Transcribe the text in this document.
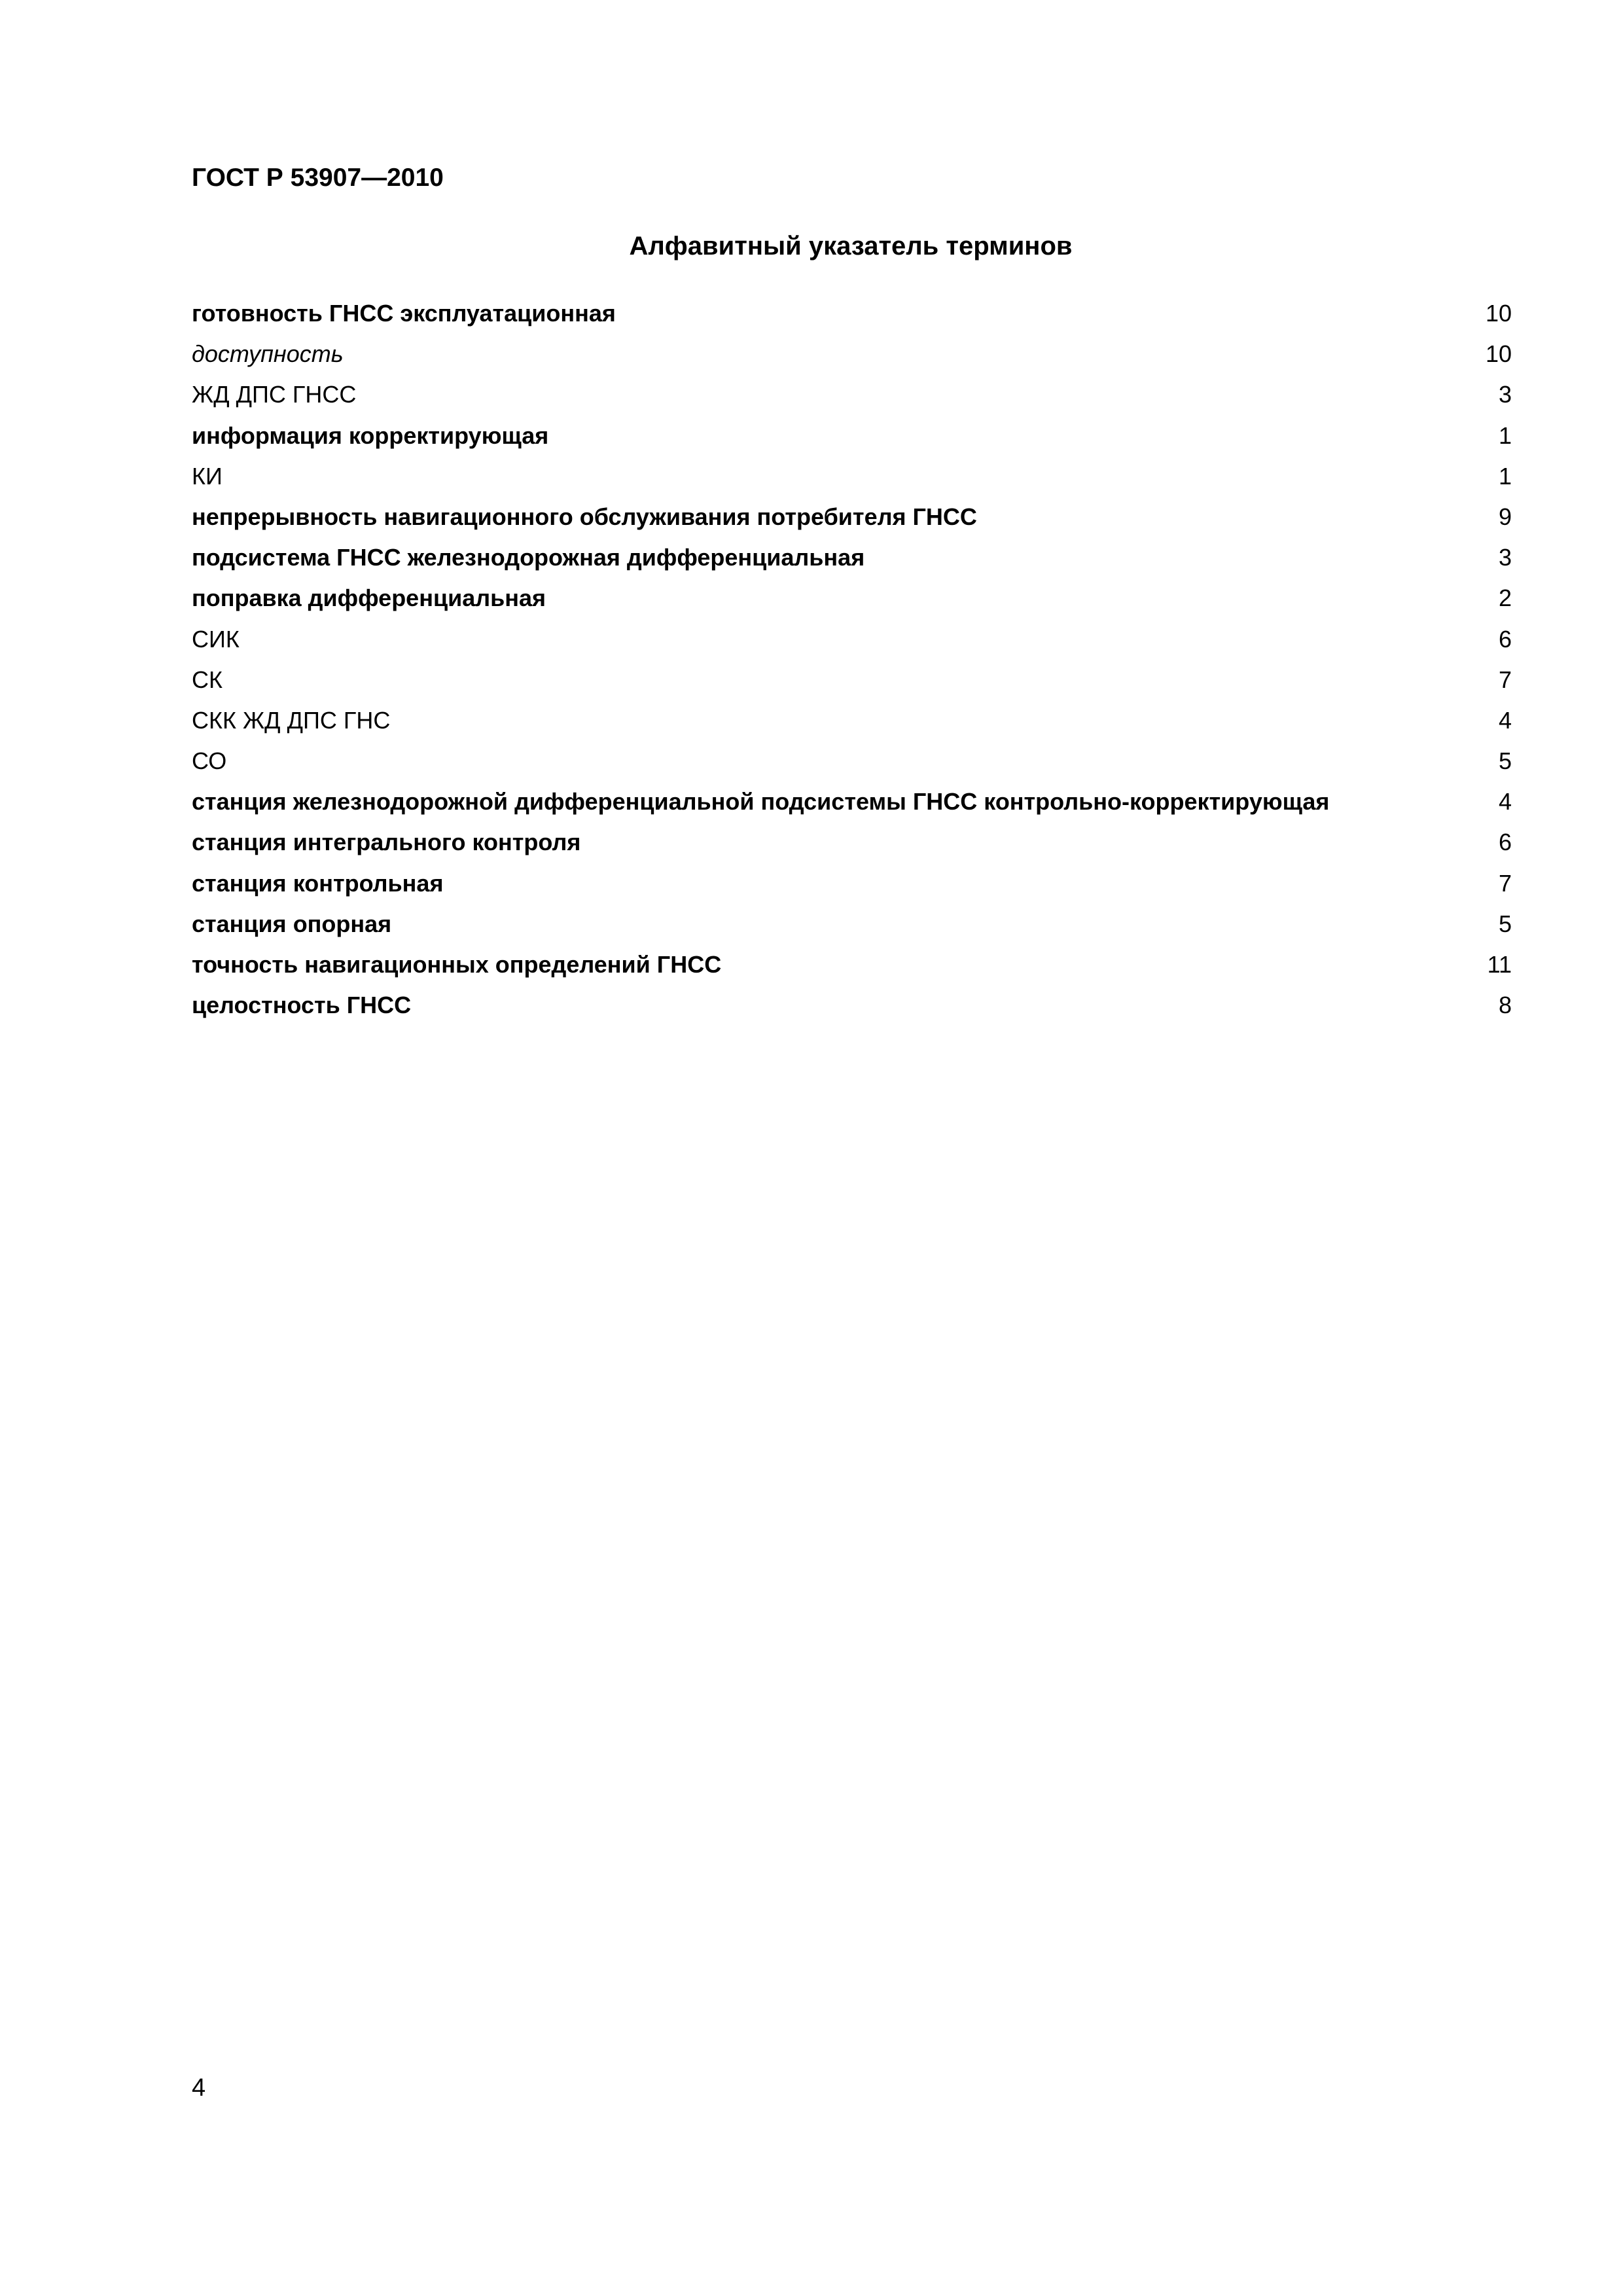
ГОСТ Р 53907—2010

Алфавитный указатель терминов
готовность ГНСС эксплуатационная	10
доступность	10
ЖД ДПС ГНСС	3
информация корректирующая	1
КИ	1
непрерывность навигационного обслуживания потребителя ГНСС	9
подсистема ГНСС железнодорожная дифференциальная	3
поправка дифференциальная	2
СИК	6
СК	7
СКК ЖД ДПС ГНС	4
СО	5
станция железнодорожной дифференциальной подсистемы ГНСС контрольно-корректирующая	4
станция интегрального контроля	6
станция контрольная	7
станция опорная	5
точность навигационных определений ГНСС	11
целостность ГНСС	8

4
